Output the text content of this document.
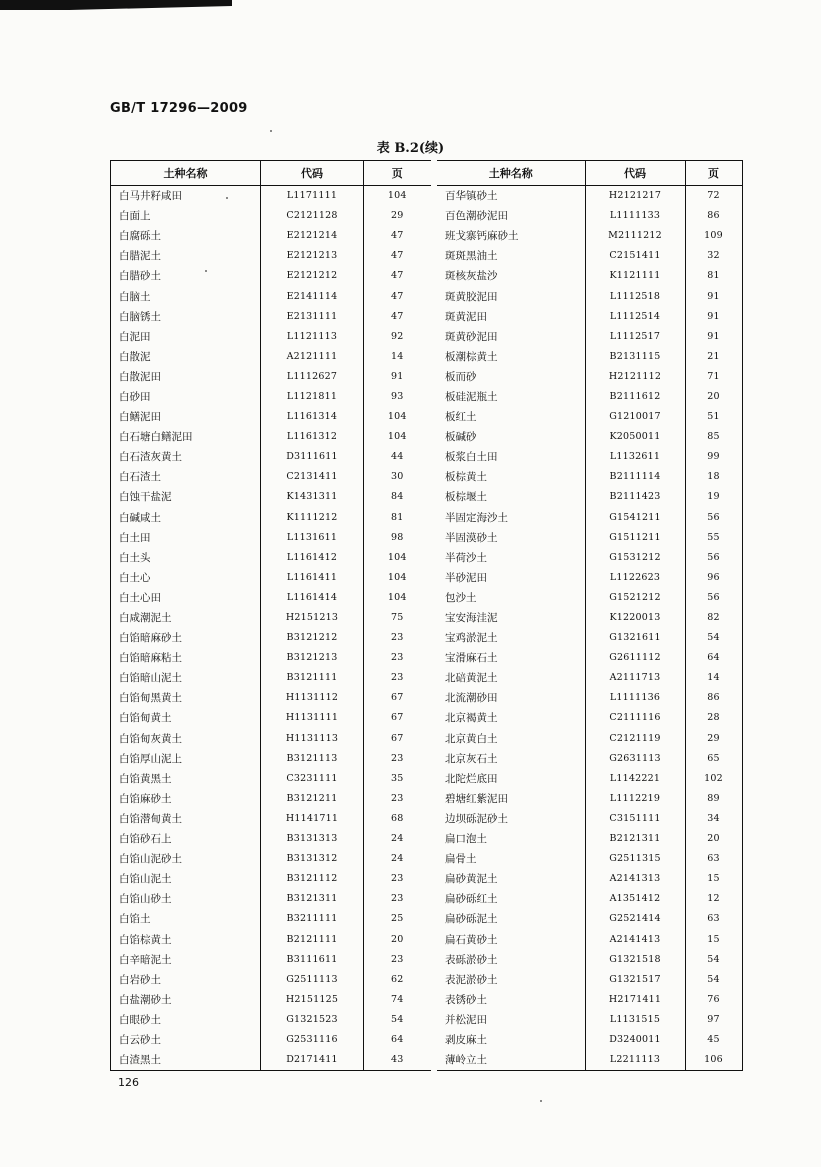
GB/T 17296—2009
表 B.2(续)
土种名称	代码	页
白马井籽咸田	L1171111	104
白面上	C2121128	29
白腐砾土	E2121214	47
白腊泥土	E2121213	47
白腊砂土	E2121212	47
白脑土	E2141114	47
白脑锈土	E2131111	47
白泥田	L1121113	92
白散泥	A2121111	14
白散泥田	L1112627	91
白砂田	L1121811	93
白鳝泥田	L1161314	104
白石塘白鳝泥田	L1161312	104
白石渣灰黄土	D3111611	44
白石渣土	C2131411	30
白蚀干盐泥	K1431311	84
白碱咸土	K1111212	81
白土田	L1131611	98
白土头	L1161412	104
白土心	L1161411	104
白土心田	L1161414	104
白咸潮泥土	H2151213	75
白馅暗麻砂土	B3121212	23
白馅暗麻粘土	B3121213	23
白馅暗山泥土	B3121111	23
白馅甸黑黄土	H1131112	67
白馅甸黄土	H1131111	67
白馅甸灰黄土	H1131113	67
白馅厚山泥上	B3121113	23
白馅黄黑土	C3231111	35
白馅麻砂土	B3121211	23
白馅潜甸黄土	H1141711	68
白馅砂石上	B3131313	24
白馅山泥砂土	B3131312	24
白馅山泥土	B3121112	23
白馅山砂土	B3121311	23
白馅土	B3211111	25
白馅棕黄土	B2121111	20
白辛暗泥土	B3111611	23
白岩砂土	G2511113	62
白盐潮砂土	H2151125	74
白眼砂土	G1321523	54
白云砂土	G2531116	64
白渣黑土	D2171411	43
土种名称	代码	页
百华镇砂土	H2121217	72
百色潮砂泥田	L1111133	86
班戈寨钙麻砂土	M2111212	109
斑斑黑油土	C2151411	32
斑核灰盐沙	K1121111	81
斑黄胶泥田	L1112518	91
斑黄泥田	L1112514	91
斑黄砂泥田	L1112517	91
板潮棕黄土	B2131115	21
板而砂	H2121112	71
板硅泥瓶土	B2111612	20
板红土	G1210017	51
板碱砂	K2050011	85
板浆白土田	L1132611	99
板棕黄土	B2111114	18
板棕堰土	B2111423	19
半固定海沙土	G1541211	56
半固漠砂土	G1511211	55
半荷沙土	G1531212	56
半砂泥田	L1122623	96
包沙土	G1521212	56
宝安海洼泥	K1220013	82
宝鸡淤泥土	G1321611	54
宝滑麻石土	G2611112	64
北碚黄泥土	A2111713	14
北流潮砂田	L1111136	86
北京褐黄土	C2111116	28
北京黄白土	C2121119	29
北京灰石土	G2631113	65
北陀烂底田	L1142221	102
碧塘红紫泥田	L1112219	89
边坝砾泥砂土	C3151111	34
扁口泡土	B2121311	20
扁骨土	G2511315	63
扁砂黄泥土	A2141313	15
扁砂砾红土	A1351412	12
扁砂砾泥土	G2521414	63
扁石黄砂土	A2141413	15
表砾淤砂土	G1321518	54
表泥淤砂土	G1321517	54
表锈砂土	H2171411	76
并松泥田	L1131515	97
剥皮麻土	D3240011	45
薄岭立土	L2211113	106
126
